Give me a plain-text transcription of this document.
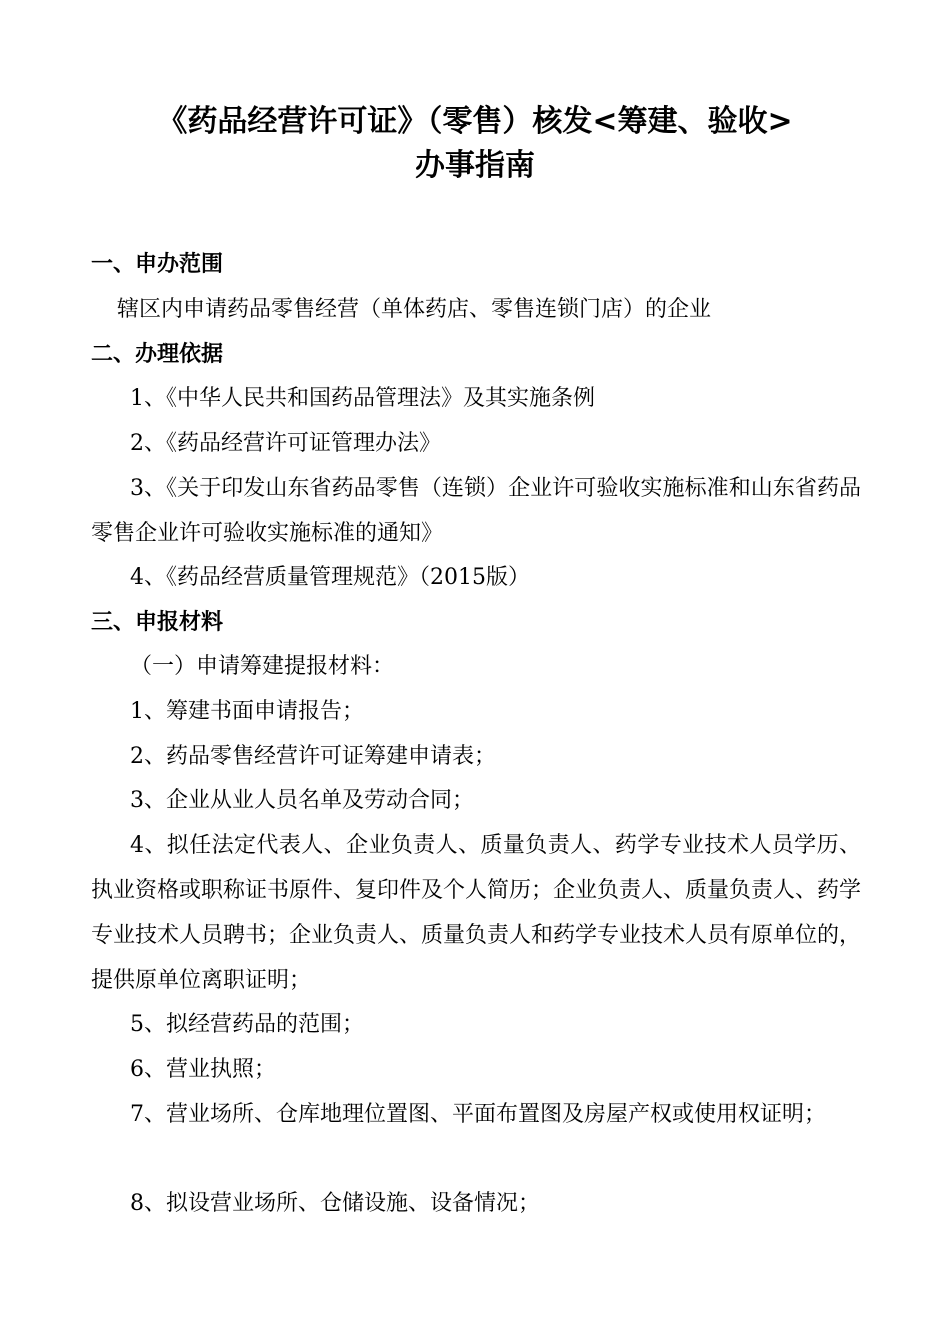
《药品经营许可证》（零售）核发<筹建、验收>
办事指南
一、申办范围
辖区内申请药品零售经营（单体药店、零售连锁门店）的企业
二、办理依据
1、《中华人民共和国药品管理法》及其实施条例
2、《药品经营许可证管理办法》
3、《关于印发山东省药品零售（连锁）企业许可验收实施标准和山东省药品零售企业许可验收实施标准的通知》
4、《药品经营质量管理规范》（2015版）
三、申报材料
（一）申请筹建提报材料：
1、筹建书面申请报告；
2、药品零售经营许可证筹建申请表；
3、企业从业人员名单及劳动合同；
4、拟任法定代表人、企业负责人、质量负责人、药学专业技术人员学历、执业资格或职称证书原件、复印件及个人简历；企业负责人、质量负责人、药学专业技术人员聘书；企业负责人、质量负责人和药学专业技术人员有原单位的，提供原单位离职证明；
5、拟经营药品的范围；
6、营业执照；
7、营业场所、仓库地理位置图、平面布置图及房屋产权或使用权证明；
8、拟设营业场所、仓储设施、设备情况；
